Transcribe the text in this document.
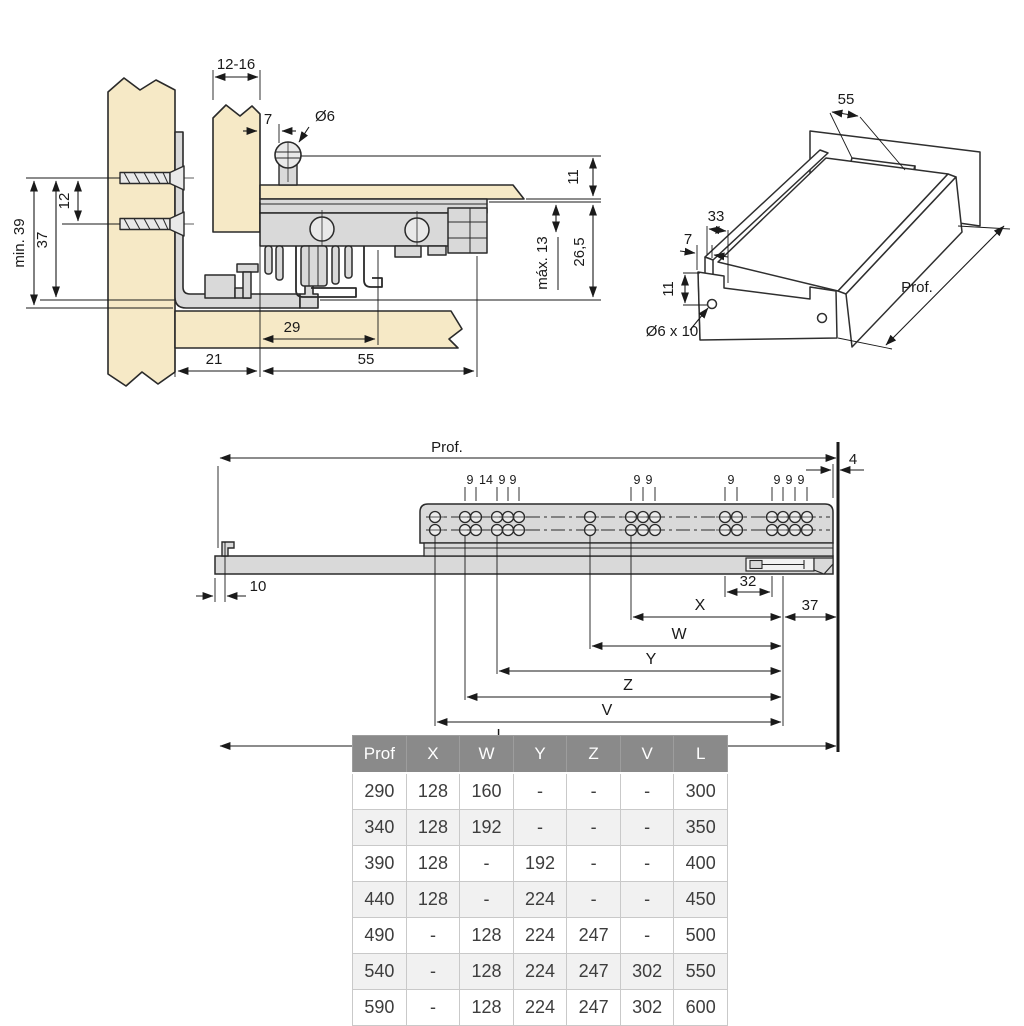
12-16
7	Ø6
11
26,5
máx. 13
12
37
min. 39
29
21	55
55
33
7
11
Ø6 x 10
Prof.
9 14 9 9	9 9	9	9 9 9
Prof.
4
10	32
X	37
W
Y
Z
V
Prof	X	W	Y	Z	V	L
290	128	160	-	-	-	300
340	128	192	-	-	-	350
390	128	-	192	-	-	400
440	128	-	224	-	-	450
490	-	128	224	247	-	500
540	-	128	224	247	302	550
590	-	128	224	247	302	600
